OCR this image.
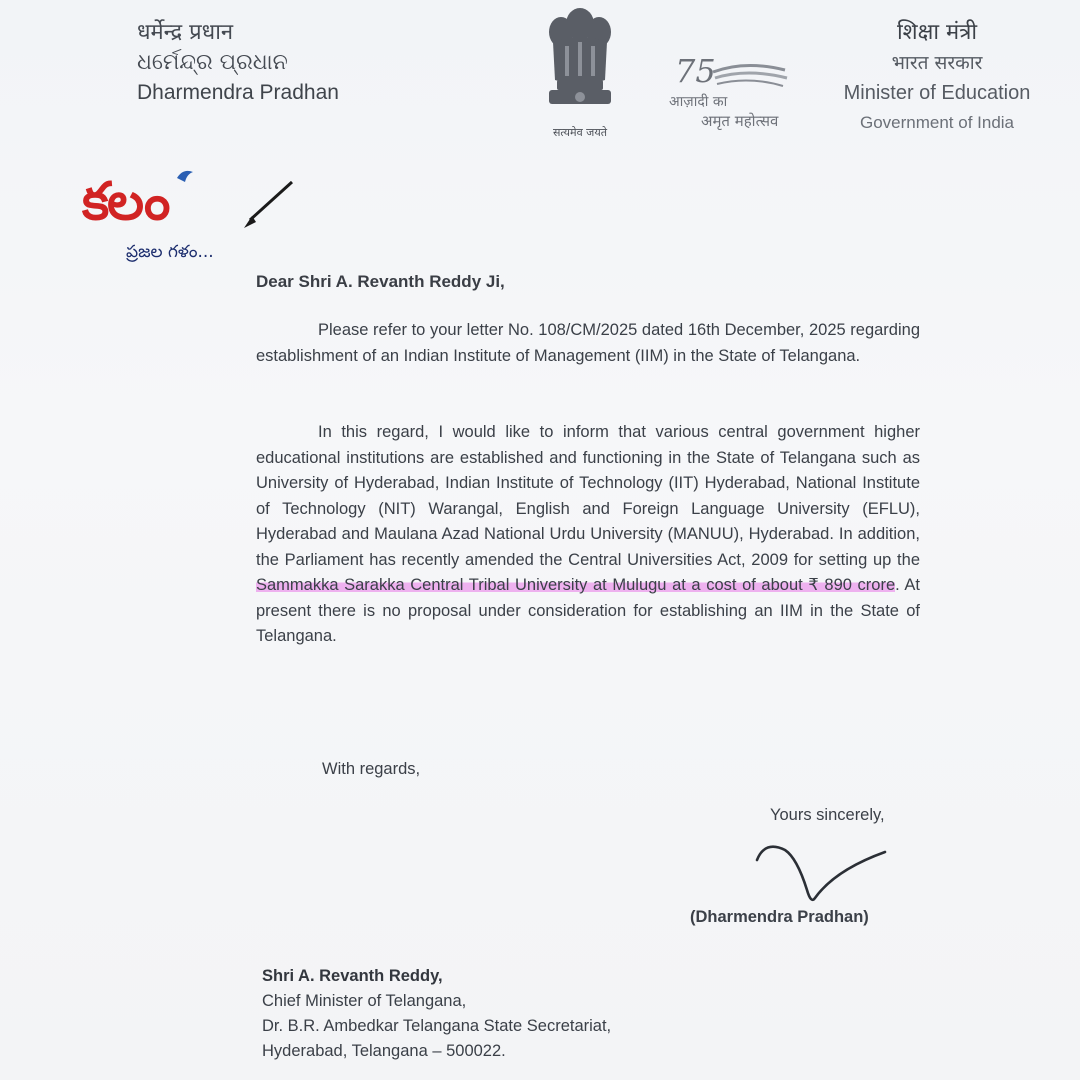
धर्मेन्द्र प्रधान
ଧର୍ମେନ୍ଦ୍ର ପ୍ରଧାନ
Dharmendra Pradhan
सत्यमेव जयते
75
आज़ादी का
अमृत महोत्सव
शिक्षा मंत्री
भारत सरकार
Minister of Education
Government of India
కలం
ప్రజల గళం...
Dear Shri A. Revanth Reddy Ji,
Please refer to your letter No. 108/CM/2025 dated 16th December, 2025 regarding establishment of an Indian Institute of Management (IIM) in the State of Telangana.
In this regard, I would like to inform that various central government higher educational institutions are established and functioning in the State of Telangana such as University of Hyderabad, Indian Institute of Technology (IIT) Hyderabad, National Institute of Technology (NIT) Warangal, English and Foreign Language University (EFLU), Hyderabad and Maulana Azad National Urdu University (MANUU), Hyderabad. In addition, the Parliament has recently amended the Central Universities Act, 2009 for setting up the Sammakka Sarakka Central Tribal University at Mulugu at a cost of about ₹ 890 crore. At present there is no proposal under consideration for establishing an IIM in the State of Telangana.
With regards,
Yours sincerely,
(Dharmendra Pradhan)
Shri A. Revanth Reddy,
Chief Minister of Telangana,
Dr. B.R. Ambedkar Telangana State Secretariat,
Hyderabad, Telangana – 500022.
